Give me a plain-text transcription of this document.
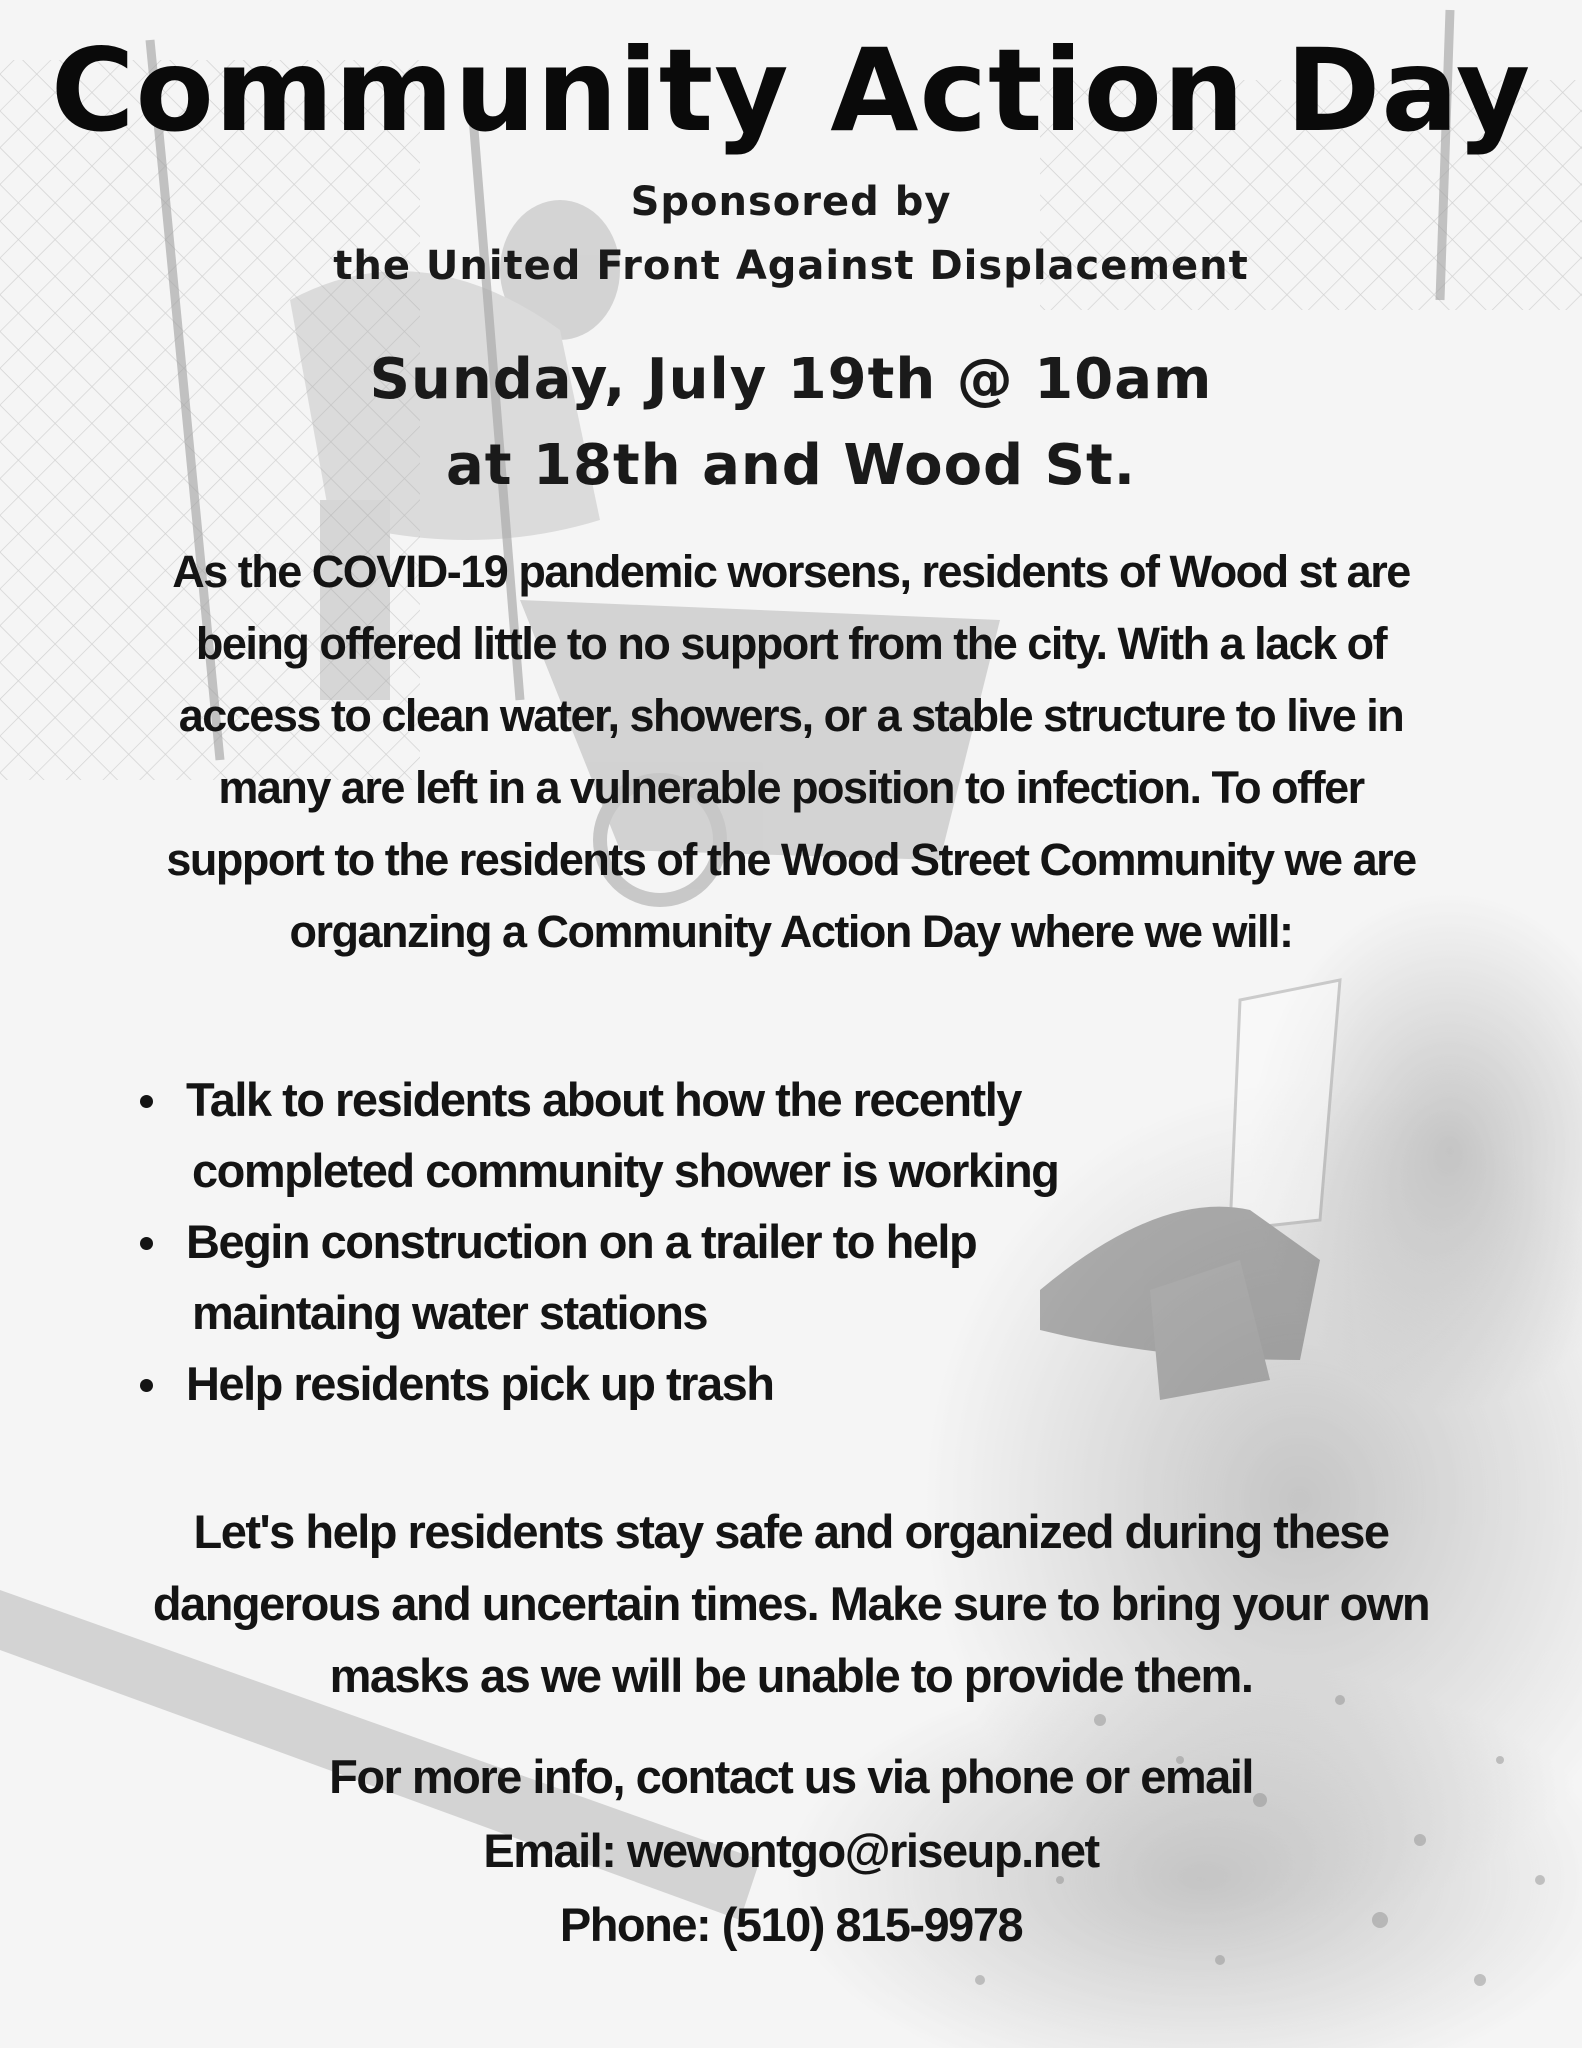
Community Action Day
Sponsored by
the United Front Against Displacement
Sunday, July 19th @ 10am
at 18th and Wood St.

As the COVID-19 pandemic worsens, residents of Wood st are
being offered little to no support from the city. With a lack of
access to clean water, showers, or a stable structure to live in
many are left in a vulnerable position to infection. To offer
support to the residents of the Wood Street Community we are
organzing a Community Action Day where we will:

Talk to residents about how the recently
completed community shower is working
Begin construction on a trailer to help
maintaing water stations
Help residents pick up trash

Let's help residents stay safe and organized during these
dangerous and uncertain times. Make sure to bring your own
masks as we will be unable to provide them.

For more info, contact us via phone or email
Email: wewontgo@riseup.net
Phone: (510) 815-9978
